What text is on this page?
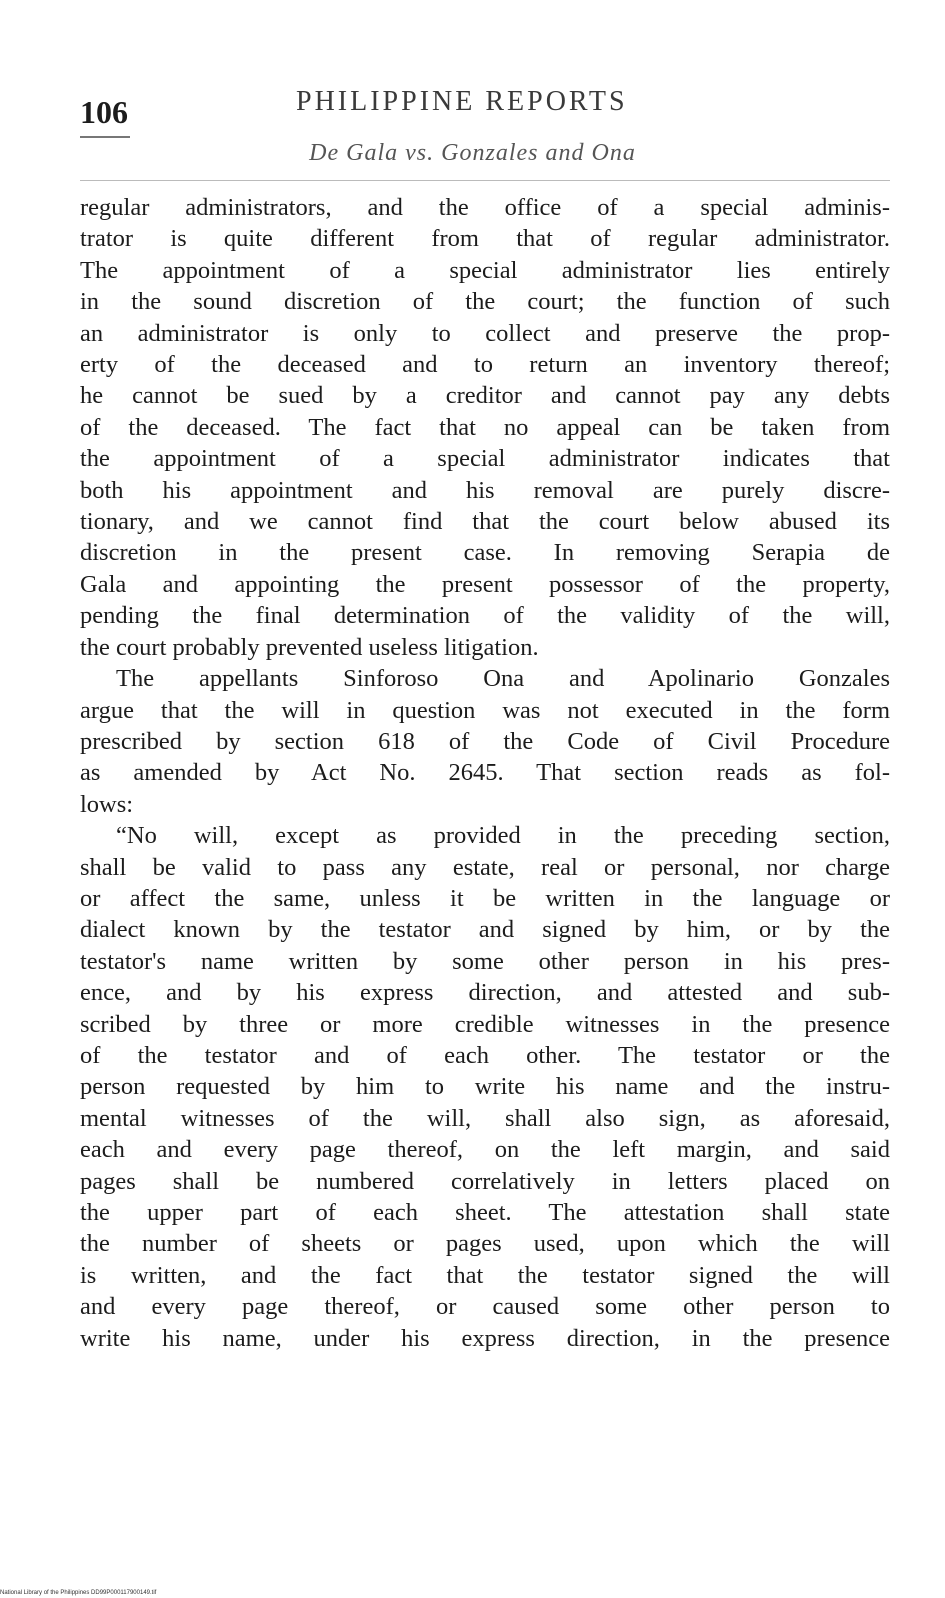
106	PHILIPPINE REPORTS
De Gala vs. Gonzales and Ona

regular administrators, and the office of a special adminis-
trator is quite different from that of regular administrator.
The appointment of a special administrator lies entirely
in the sound discretion of the court; the function of such
an administrator is only to collect and preserve the prop-
erty of the deceased and to return an inventory thereof;
he cannot be sued by a creditor and cannot pay any debts
of the deceased. The fact that no appeal can be taken from
the appointment of a special administrator indicates that
both his appointment and his removal are purely discre-
tionary, and we cannot find that the court below abused its
discretion in the present case. In removing Serapia de
Gala and appointing the present possessor of the property,
pending the final determination of the validity of the will,
the court probably prevented useless litigation.

The appellants Sinforoso Ona and Apolinario Gonzales
argue that the will in question was not executed in the form
prescribed by section 618 of the Code of Civil Procedure
as amended by Act No. 2645. That section reads as fol-
lows:

“No will, except as provided in the preceding section,
shall be valid to pass any estate, real or personal, nor charge
or affect the same, unless it be written in the language or
dialect known by the testator and signed by him, or by the
testator's name written by some other person in his pres-
ence, and by his express direction, and attested and sub-
scribed by three or more credible witnesses in the presence
of the testator and of each other. The testator or the
person requested by him to write his name and the instru-
mental witnesses of the will, shall also sign, as aforesaid,
each and every page thereof, on the left margin, and said
pages shall be numbered correlatively in letters placed on
the upper part of each sheet. The attestation shall state
the number of sheets or pages used, upon which the will
is written, and the fact that the testator signed the will
and every page thereof, or caused some other person to
write his name, under his express direction, in the presence

National Library of the Philippines DD99P000117900149.tif
